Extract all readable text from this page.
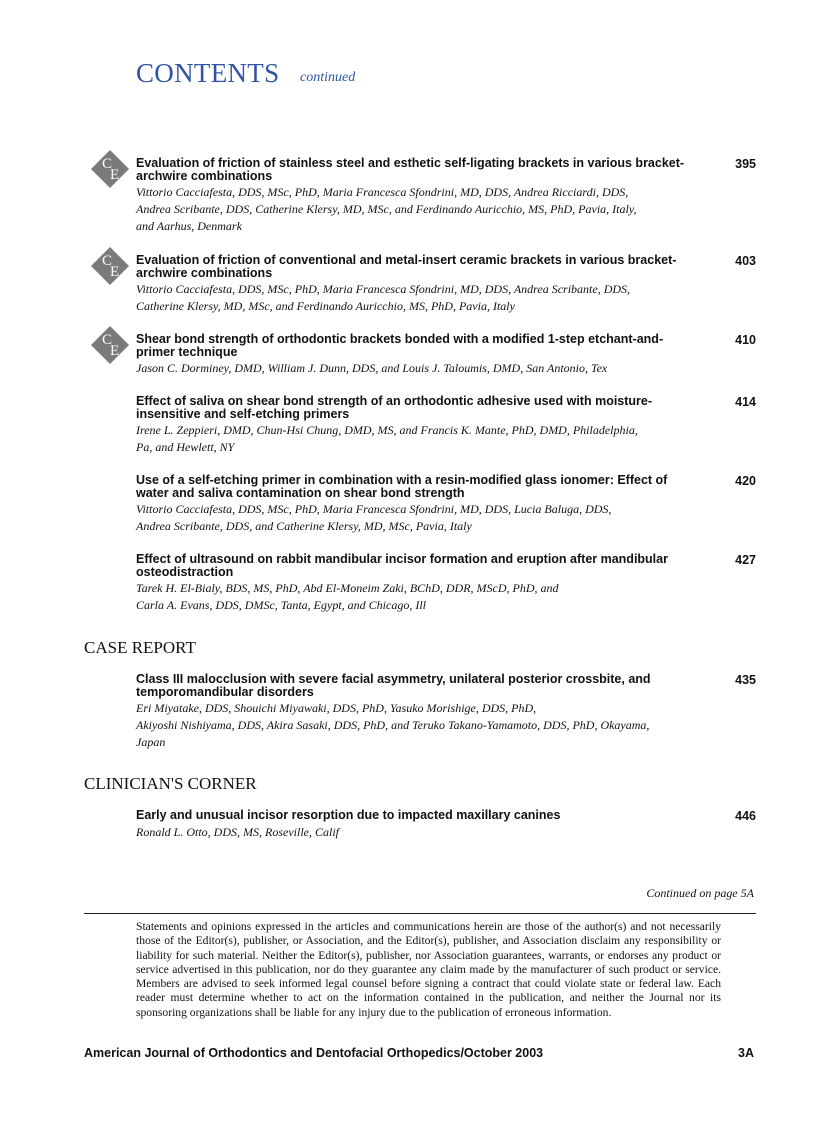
CONTENTS continued
C
E
Evaluation of friction of stainless steel and esthetic self-ligating brackets in various bracket-
archwire combinations
Vittorio Cacciafesta, DDS, MSc, PhD, Maria Francesca Sfondrini, MD, DDS, Andrea Ricciardi, DDS,
Andrea Scribante, DDS, Catherine Klersy, MD, MSc, and Ferdinando Auricchio, MS, PhD, Pavia, Italy,
and Aarhus, Denmark
395
C
E
Evaluation of friction of conventional and metal-insert ceramic brackets in various bracket-
archwire combinations
Vittorio Cacciafesta, DDS, MSc, PhD, Maria Francesca Sfondrini, MD, DDS, Andrea Scribante, DDS,
Catherine Klersy, MD, MSc, and Ferdinando Auricchio, MS, PhD, Pavia, Italy
403
C
E
Shear bond strength of orthodontic brackets bonded with a modified 1-step etchant-and-
primer technique
Jason C. Dorminey, DMD, William J. Dunn, DDS, and Louis J. Taloumis, DMD, San Antonio, Tex
410
Effect of saliva on shear bond strength of an orthodontic adhesive used with moisture-
insensitive and self-etching primers
Irene L. Zeppieri, DMD, Chun-Hsi Chung, DMD, MS, and Francis K. Mante, PhD, DMD, Philadelphia,
Pa, and Hewlett, NY
414
Use of a self-etching primer in combination with a resin-modified glass ionomer: Effect of
water and saliva contamination on shear bond strength
Vittorio Cacciafesta, DDS, MSc, PhD, Maria Francesca Sfondrini, MD, DDS, Lucia Baluga, DDS,
Andrea Scribante, DDS, and Catherine Klersy, MD, MSc, Pavia, Italy
420
Effect of ultrasound on rabbit mandibular incisor formation and eruption after mandibular
osteodistraction
Tarek H. El-Bialy, BDS, MS, PhD, Abd El-Moneim Zaki, BChD, DDR, MScD, PhD, and
Carla A. Evans, DDS, DMSc, Tanta, Egypt, and Chicago, Ill
427
CASE REPORT
Class III malocclusion with severe facial asymmetry, unilateral posterior crossbite, and
temporomandibular disorders
Eri Miyatake, DDS, Shouichi Miyawaki, DDS, PhD, Yasuko Morishige, DDS, PhD,
Akiyoshi Nishiyama, DDS, Akira Sasaki, DDS, PhD, and Teruko Takano-Yamamoto, DDS, PhD, Okayama,
Japan
435
CLINICIAN'S CORNER
Early and unusual incisor resorption due to impacted maxillary canines
Ronald L. Otto, DDS, MS, Roseville, Calif
446
Continued on page 5A
Statements and opinions expressed in the articles and communications herein are those of the author(s) and not necessarily those of the Editor(s), publisher, or Association, and the Editor(s), publisher, and Association disclaim any responsibility or liability for such material. Neither the Editor(s), publisher, nor Association guarantees, warrants, or endorses any product or service advertised in this publication, nor do they guarantee any claim made by the manufacturer of such product or service. Members are advised to seek informed legal counsel before signing a contract that could violate state or federal law. Each reader must determine whether to act on the information contained in the publication, and neither the Journal nor its sponsoring organizations shall be liable for any injury due to the publication of erroneous information.
American Journal of Orthodontics and Dentofacial Orthopedics/October 2003	3A
